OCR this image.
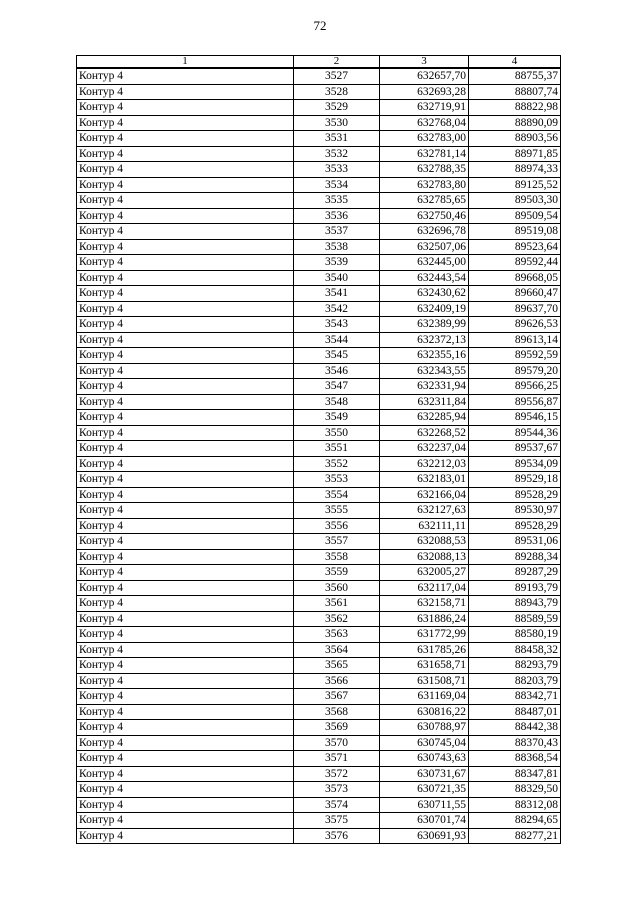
72
1	2	3	4
Контур 4	3527	632657,70	88755,37
Контур 4	3528	632693,28	88807,74
Контур 4	3529	632719,91	88822,98
Контур 4	3530	632768,04	88890,09
Контур 4	3531	632783,00	88903,56
Контур 4	3532	632781,14	88971,85
Контур 4	3533	632788,35	88974,33
Контур 4	3534	632783,80	89125,52
Контур 4	3535	632785,65	89503,30
Контур 4	3536	632750,46	89509,54
Контур 4	3537	632696,78	89519,08
Контур 4	3538	632507,06	89523,64
Контур 4	3539	632445,00	89592,44
Контур 4	3540	632443,54	89668,05
Контур 4	3541	632430,62	89660,47
Контур 4	3542	632409,19	89637,70
Контур 4	3543	632389,99	89626,53
Контур 4	3544	632372,13	89613,14
Контур 4	3545	632355,16	89592,59
Контур 4	3546	632343,55	89579,20
Контур 4	3547	632331,94	89566,25
Контур 4	3548	632311,84	89556,87
Контур 4	3549	632285,94	89546,15
Контур 4	3550	632268,52	89544,36
Контур 4	3551	632237,04	89537,67
Контур 4	3552	632212,03	89534,09
Контур 4	3553	632183,01	89529,18
Контур 4	3554	632166,04	89528,29
Контур 4	3555	632127,63	89530,97
Контур 4	3556	632111,11	89528,29
Контур 4	3557	632088,53	89531,06
Контур 4	3558	632088,13	89288,34
Контур 4	3559	632005,27	89287,29
Контур 4	3560	632117,04	89193,79
Контур 4	3561	632158,71	88943,79
Контур 4	3562	631886,24	88589,59
Контур 4	3563	631772,99	88580,19
Контур 4	3564	631785,26	88458,32
Контур 4	3565	631658,71	88293,79
Контур 4	3566	631508,71	88203,79
Контур 4	3567	631169,04	88342,71
Контур 4	3568	630816,22	88487,01
Контур 4	3569	630788,97	88442,38
Контур 4	3570	630745,04	88370,43
Контур 4	3571	630743,63	88368,54
Контур 4	3572	630731,67	88347,81
Контур 4	3573	630721,35	88329,50
Контур 4	3574	630711,55	88312,08
Контур 4	3575	630701,74	88294,65
Контур 4	3576	630691,93	88277,21
